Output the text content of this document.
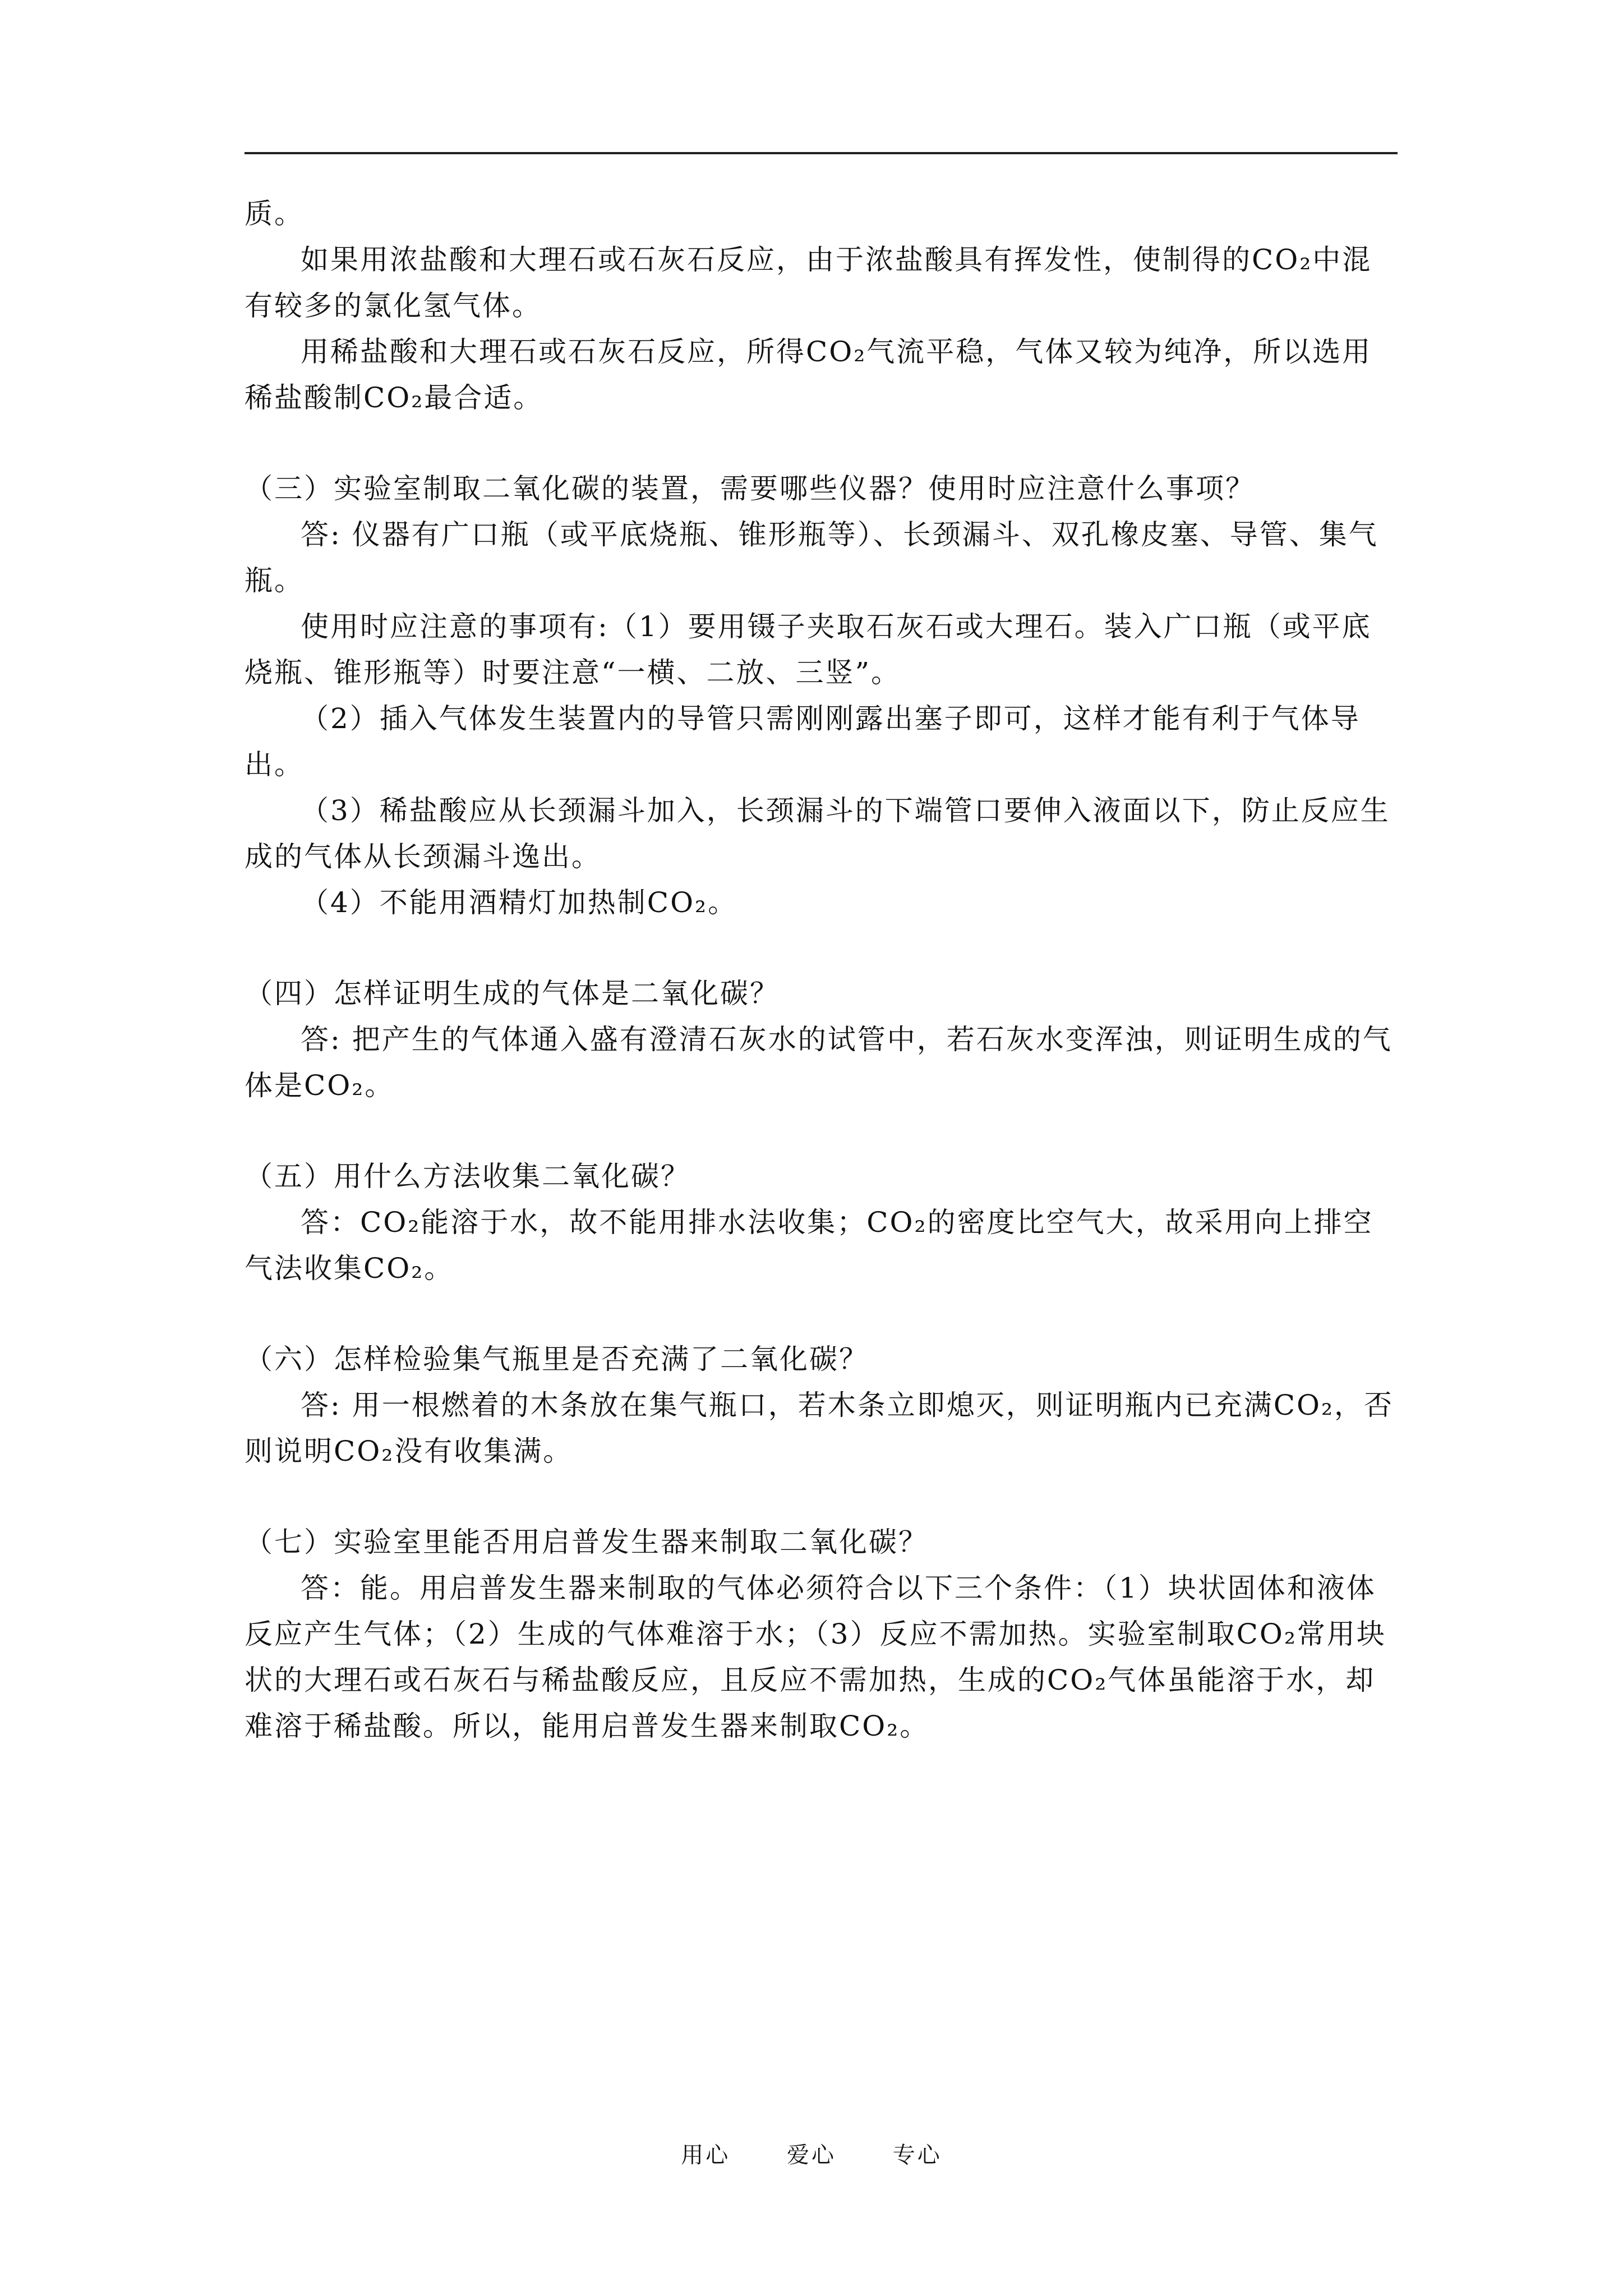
质。

如果用浓盐酸和大理石或石灰石反应，由于浓盐酸具有挥发性，使制得的CO₂中混有较多的氯化氢气体。

用稀盐酸和大理石或石灰石反应，所得CO₂气流平稳，气体又较为纯净，所以选用稀盐酸制CO₂最合适。

（三）实验室制取二氧化碳的装置，需要哪些仪器？使用时应注意什么事项？

答: 仪器有广口瓶（或平底烧瓶、锥形瓶等）、长颈漏斗、双孔橡皮塞、导管、集气瓶。

使用时应注意的事项有:（1）要用镊子夹取石灰石或大理石。装入广口瓶（或平底烧瓶、锥形瓶等）时要注意“一横、二放、三竖”。

（2）插入气体发生装置内的导管只需刚刚露出塞子即可，这样才能有利于气体导出。

（3）稀盐酸应从长颈漏斗加入，长颈漏斗的下端管口要伸入液面以下，防止反应生成的气体从长颈漏斗逸出。

（4）不能用酒精灯加热制CO₂。

（四）怎样证明生成的气体是二氧化碳？

答: 把产生的气体通入盛有澄清石灰水的试管中，若石灰水变浑浊，则证明生成的气体是CO₂。

（五）用什么方法收集二氧化碳？

答：CO₂能溶于水，故不能用排水法收集；CO₂的密度比空气大，故采用向上排空气法收集CO₂。

（六）怎样检验集气瓶里是否充满了二氧化碳？

答: 用一根燃着的木条放在集气瓶口，若木条立即熄灭，则证明瓶内已充满CO₂，否则说明CO₂没有收集满。

（七）实验室里能否用启普发生器来制取二氧化碳？

答：能。用启普发生器来制取的气体必须符合以下三个条件：（1）块状固体和液体反应产生气体；（2）生成的气体难溶于水；（3）反应不需加热。实验室制取CO₂常用块状的大理石或石灰石与稀盐酸反应，且反应不需加热，生成的CO₂气体虽能溶于水，却难溶于稀盐酸。所以，能用启普发生器来制取CO₂。

用心	爱心	专心
